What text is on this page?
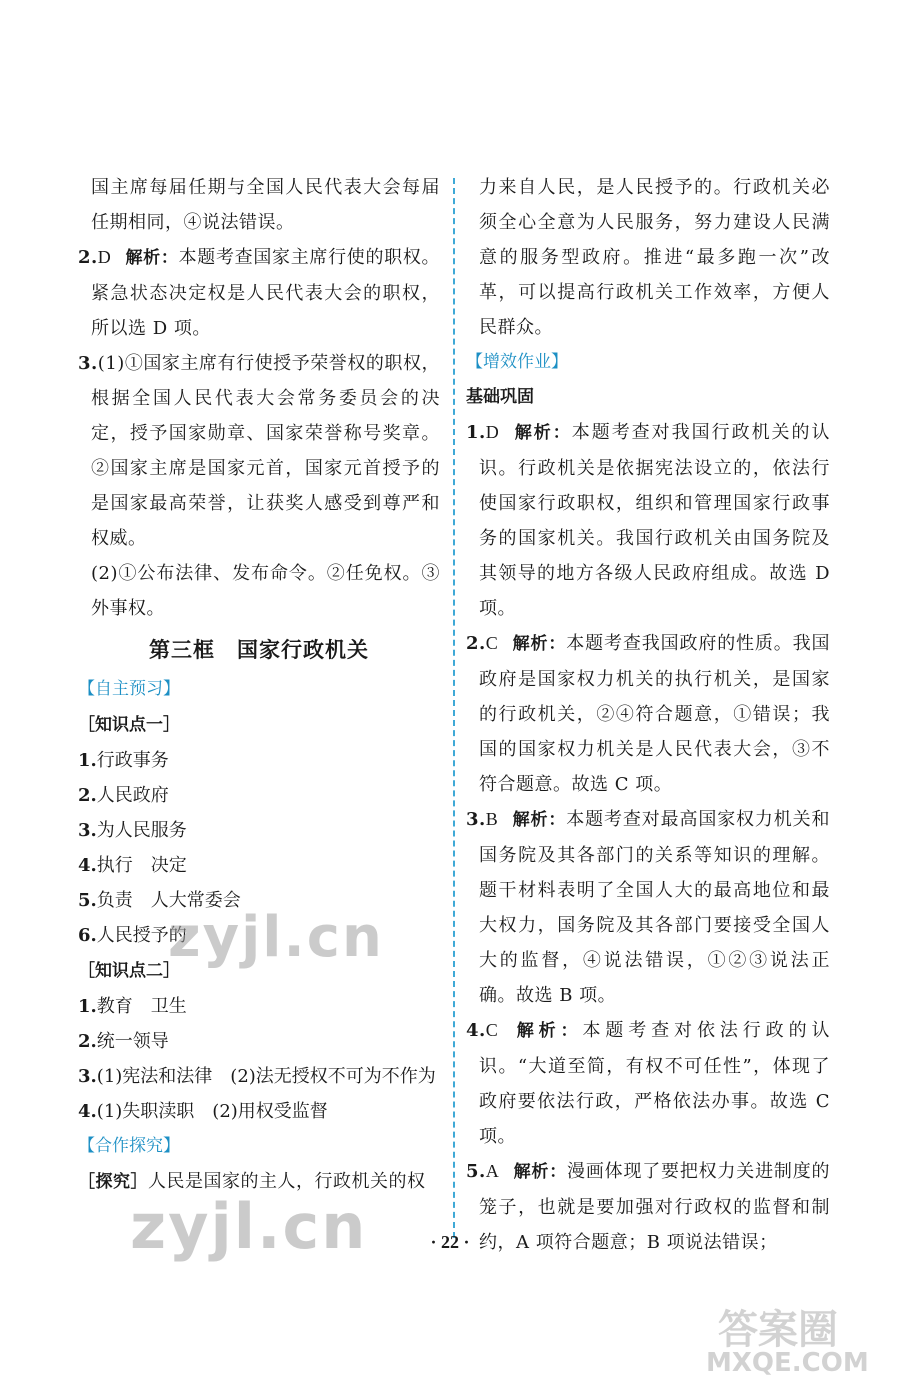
国主席每届任期与全国人民代表大会每届任期相同，④说法错误。

2.D 解析：本题考查国家主席行使的职权。紧急状态决定权是人民代表大会的职权，所以选 D 项。

3.(1)①国家主席有行使授予荣誉权的职权，根据全国人民代表大会常务委员会的决定，授予国家勋章、国家荣誉称号奖章。②国家主席是国家元首，国家元首授予的是国家最高荣誉，让获奖人感受到尊严和权威。

(2)①公布法律、发布命令。②任免权。③外事权。

第三框　国家行政机关

【自主预习】

［知识点一］

1.行政事务

2.人民政府

3.为人民服务

4.执行　决定

5.负责　人大常委会

6.人民授予的

［知识点二］

1.教育　卫生

2.统一领导

3.(1)宪法和法律　(2)法无授权不可为不作为

4.(1)失职渎职　(2)用权受监督

【合作探究】

［探究］人民是国家的主人，行政机关的权

力来自人民，是人民授予的。行政机关必须全心全意为人民服务，努力建设人民满意的服务型政府。推进“最多跑一次”改革，可以提高行政机关工作效率，方便人民群众。

【增效作业】

基础巩固

1.D 解析：本题考查对我国行政机关的认识。行政机关是依据宪法设立的，依法行使国家行政职权，组织和管理国家行政事务的国家机关。我国行政机关由国务院及其领导的地方各级人民政府组成。故选 D 项。

2.C 解析：本题考查我国政府的性质。我国政府是国家权力机关的执行机关，是国家的行政机关，②④符合题意，①错误；我国的国家权力机关是人民代表大会，③不符合题意。故选 C 项。

3.B 解析：本题考查对最高国家权力机关和国务院及其各部门的关系等知识的理解。题干材料表明了全国人大的最高地位和最大权力，国务院及其各部门要接受全国人大的监督，④说法错误，①②③说法正确。故选 B 项。

4.C 解析：本题考查对依法行政的认识。“大道至简，有权不可任性”，体现了政府要依法行政，严格依法办事。故选 C 项。

5.A 解析：漫画体现了要把权力关进制度的笼子，也就是要加强对行政权的监督和制约，A 项符合题意；B 项说法错误；

· 22 ·
zyjl.cn
zyjl.cn
答案圈
MXQE.COM
